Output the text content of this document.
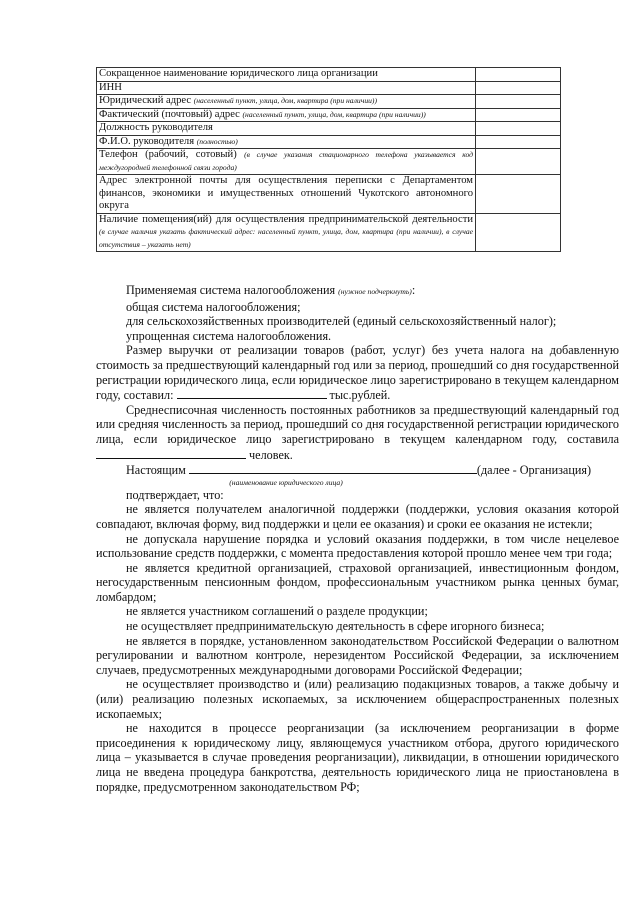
Сокращенное наименование юридического лица организации	
ИНН	
Юридический адрес (населенный пункт, улица, дом, квартира (при наличии))	
Фактический (почтовый) адрес (населенный пункт, улица, дом, квартира (при наличии))	
Должность руководителя	
Ф.И.О. руководителя (полностью)	
Телефон (рабочий, сотовый) (в случае указания стационарного телефона указывается код междугородней телефонной связи города)	
Адрес электронной почты для осуществления переписки с Департаментом финансов, экономики и имущественных отношений Чукотского автономного округа	
Наличие помещения(ий) для осуществления предпринимательской деятельности (в случае наличия указать фактический адрес: населенный пункт, улица, дом, квартира (при наличии), в случае отсутствия – указать нет)	

Применяемая система налогообложения (нужное подчеркнуть):

общая система налогообложения;

для сельскохозяйственных производителей (единый сельскохозяйственный налог);

упрощенная система налогообложения.

Размер выручки от реализации товаров (работ, услуг) без учета налога на добавленную стоимость за предшествующий календарный год или за период, прошедший со дня государственной регистрации юридического лица, если юридическое лицо зарегистрировано в текущем календарном году, составил:	тыс.рублей.

Среднесписочная численность постоянных работников за предшествующий календарный год или средняя численность за период, прошедший со дня государственной регистрации юридического лица, если юридическое лицо зарегистрировано в текущем календарном году, составила  человек.

Настоящим	(далее - Организация)

(наименование юридического лица)

подтверждает, что:

не является получателем аналогичной поддержки (поддержки, условия оказания которой совпадают, включая форму, вид поддержки и цели ее оказания) и сроки ее оказания не истекли;

не допускала нарушение порядка и условий оказания поддержки, в том числе нецелевое использование средств поддержки, с момента предоставления которой прошло менее чем три года;

не является кредитной организацией, страховой организацией, инвестиционным фондом, негосударственным пенсионным фондом, профессиональным участником рынка ценных бумаг, ломбардом;

не является участником соглашений о разделе продукции;

не осуществляет предпринимательскую деятельность в сфере игорного бизнеса;

не является в порядке, установленном законодательством Российской Федерации о валютном регулировании и валютном контроле, нерезидентом Российской Федерации, за исключением случаев, предусмотренных международными договорами Российской Федерации;

не осуществляет производство и (или) реализацию подакцизных товаров, а также добычу и (или) реализацию полезных ископаемых, за исключением общераспространенных полезных ископаемых;

не находится в процессе реорганизации (за исключением реорганизации в форме присоединения к юридическому лицу, являющемуся участником отбора, другого юридического лица – указывается в случае проведения реорганизации), ликвидации, в отношении юридического лица не введена процедура банкротства, деятельность юридического лица не приостановлена в порядке, предусмотренном законодательством РФ;
